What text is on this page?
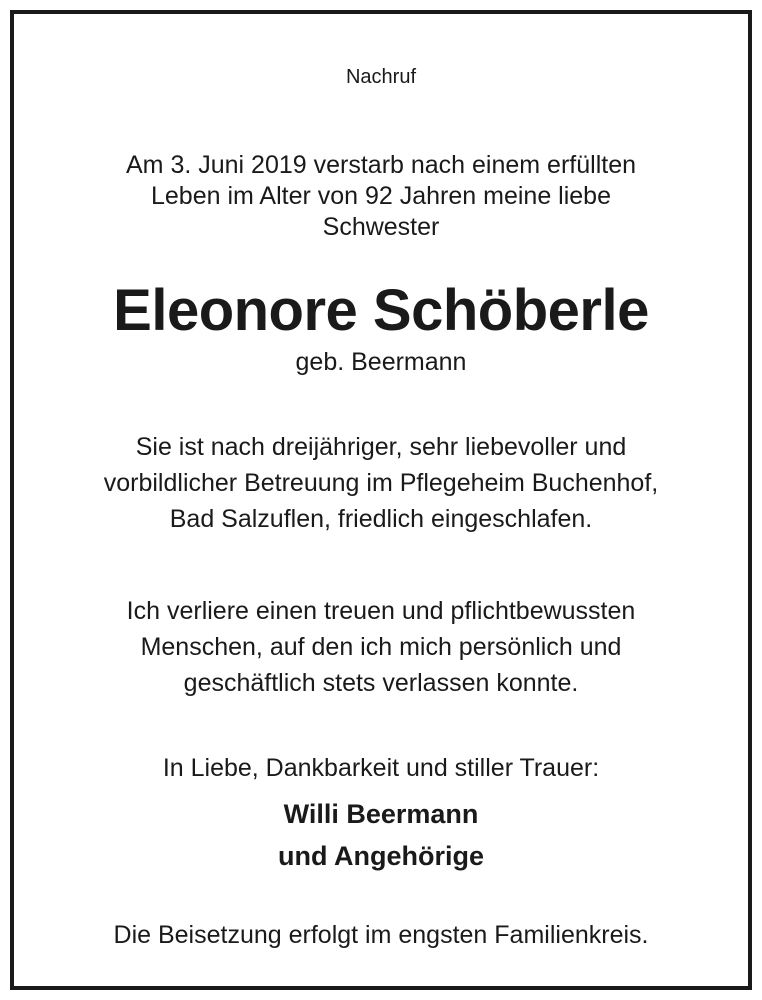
Nachruf
Am 3. Juni 2019 verstarb nach einem erfüllten
Leben im Alter von 92 Jahren meine liebe
Schwester
Eleonore Schöberle
geb. Beermann
Sie ist nach dreijähriger, sehr liebevoller und
vorbildlicher Betreuung im Pflegeheim Buchenhof,
Bad Salzuflen, friedlich eingeschlafen.
Ich verliere einen treuen und pflichtbewussten
Menschen, auf den ich mich persönlich und
geschäftlich stets verlassen konnte.
In Liebe, Dankbarkeit und stiller Trauer:
Willi Beermann
und Angehörige
Die Beisetzung erfolgt im engsten Familienkreis.
